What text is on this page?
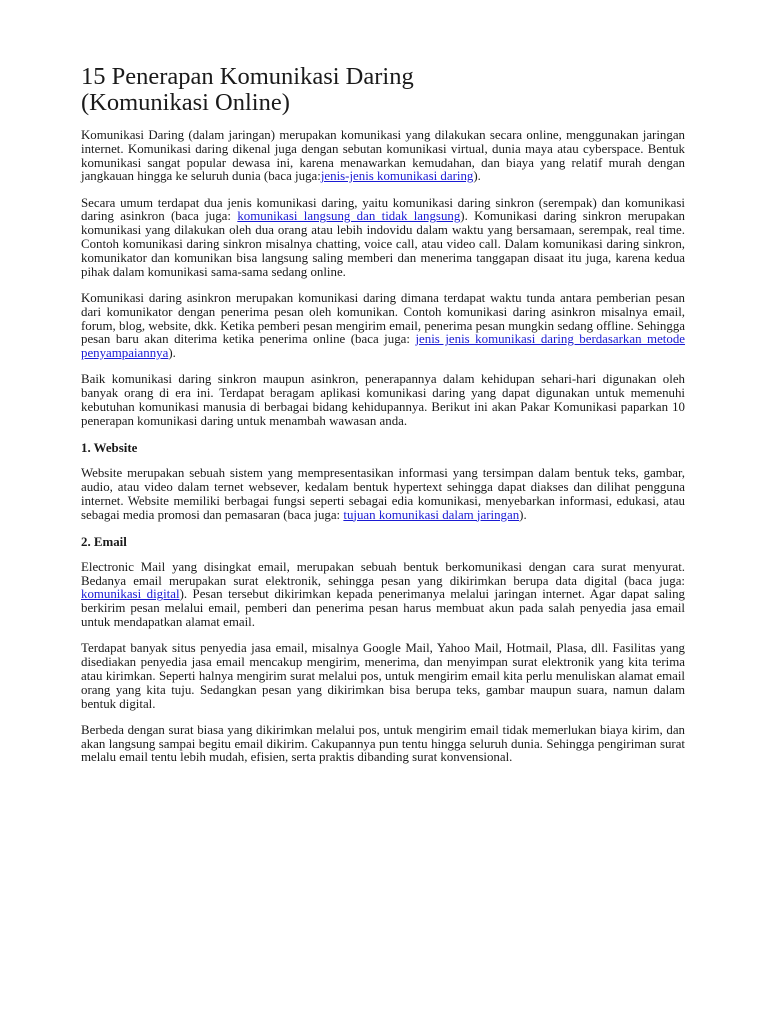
15 Penerapan Komunikasi Daring
(Komunikasi Online)

Komunikasi Daring (dalam jaringan) merupakan komunikasi yang dilakukan secara online, menggunakan jaringan internet. Komunikasi daring dikenal juga dengan sebutan komunikasi virtual, dunia maya atau cyberspace. Bentuk komunikasi sangat popular dewasa ini, karena menawarkan kemudahan, dan biaya yang relatif murah dengan jangkauan hingga ke seluruh dunia (baca juga:jenis-jenis komunikasi daring).

Secara umum terdapat dua jenis komunikasi daring, yaitu komunikasi daring sinkron (serempak) dan komunikasi daring asinkron (baca juga: komunikasi langsung dan tidak langsung). Komunikasi daring sinkron merupakan komunikasi yang dilakukan oleh dua orang atau lebih indovidu dalam waktu yang bersamaan, serempak, real time. Contoh komunikasi daring sinkron misalnya chatting, voice call, atau video call. Dalam komunikasi daring sinkron, komunikator dan komunikan bisa langsung saling memberi dan menerima tanggapan disaat itu juga, karena kedua pihak dalam komunikasi sama-sama sedang online.

Komunikasi daring asinkron merupakan komunikasi daring dimana terdapat waktu tunda antara pemberian pesan dari komunikator dengan penerima pesan oleh komunikan. Contoh komunikasi daring asinkron misalnya email, forum, blog, website, dkk. Ketika pemberi pesan mengirim email, penerima pesan mungkin sedang offline. Sehingga pesan baru akan diterima ketika penerima online (baca juga: jenis jenis komunikasi daring berdasarkan metode penyampaiannya).

Baik komunikasi daring sinkron maupun asinkron, penerapannya dalam kehidupan sehari-hari digunakan oleh banyak orang di era ini. Terdapat beragam aplikasi komunikasi daring yang dapat digunakan untuk memenuhi kebutuhan komunikasi manusia di berbagai bidang kehidupannya. Berikut ini akan Pakar Komunikasi paparkan 10 penerapan komunikasi daring untuk menambah wawasan anda.

1. Website

Website merupakan sebuah sistem yang mempresentasikan informasi yang tersimpan dalam bentuk teks, gambar, audio, atau video dalam ternet websever, kedalam bentuk hypertext sehingga dapat diakses dan dilihat pengguna internet. Website memiliki berbagai fungsi seperti sebagai edia komunikasi, menyebarkan informasi, edukasi, atau sebagai media promosi dan pemasaran (baca juga: tujuan komunikasi dalam jaringan).

2. Email

Electronic Mail yang disingkat email, merupakan sebuah bentuk berkomunikasi dengan cara surat menyurat. Bedanya email merupakan surat elektronik, sehingga pesan yang dikirimkan berupa data digital (baca juga: komunikasi digital). Pesan tersebut dikirimkan kepada penerimanya melalui jaringan internet. Agar dapat saling berkirim pesan melalui email, pemberi dan penerima pesan harus membuat akun pada salah penyedia jasa email untuk mendapatkan alamat email.

Terdapat banyak situs penyedia jasa email, misalnya Google Mail, Yahoo Mail, Hotmail, Plasa, dll. Fasilitas yang disediakan penyedia jasa email mencakup mengirim, menerima, dan menyimpan surat elektronik yang kita terima atau kirimkan. Seperti halnya mengirim surat melalui pos, untuk mengirim email kita perlu menuliskan alamat email orang yang kita tuju. Sedangkan pesan yang dikirimkan bisa berupa teks, gambar maupun suara, namun dalam bentuk digital.

Berbeda dengan surat biasa yang dikirimkan melalui pos, untuk mengirim email tidak memerlukan biaya kirim, dan akan langsung sampai begitu email dikirim. Cakupannya pun tentu hingga seluruh dunia. Sehingga pengiriman surat melalu email tentu lebih mudah, efisien, serta praktis dibanding surat konvensional.
